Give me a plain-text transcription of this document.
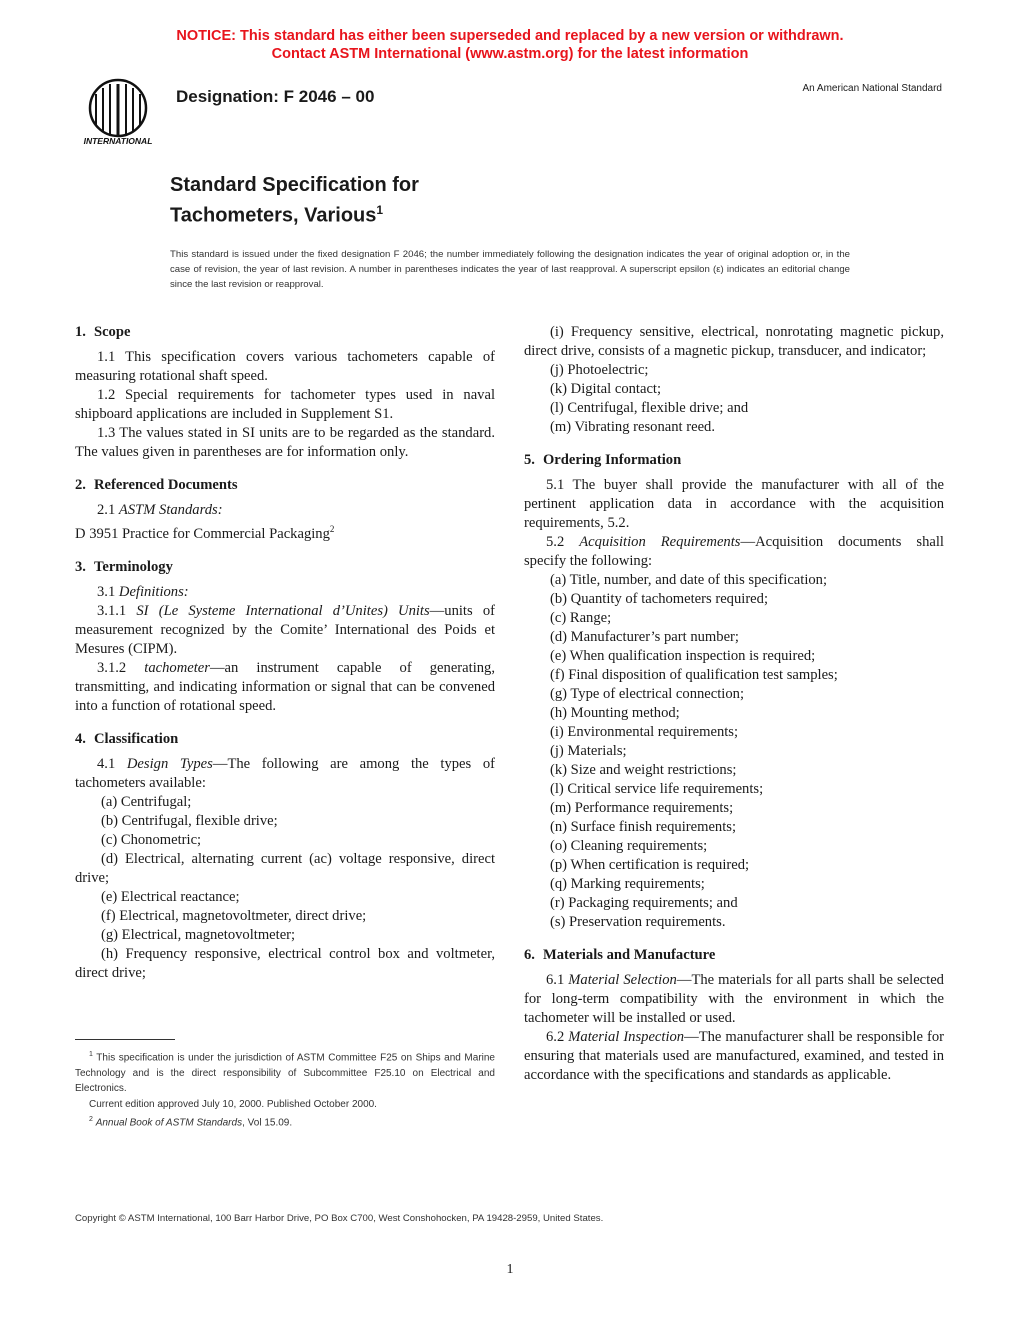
NOTICE: This standard has either been superseded and replaced by a new version or withdrawn.
Contact ASTM International (www.astm.org) for the latest information
INTERNATIONAL
Designation: F 2046 – 00	An American National Standard
Standard Specification for
Tachometers, Various$^1$
This standard is issued under the fixed designation F 2046; the number immediately following the designation indicates the year of original adoption or, in the case of revision, the year of last revision. A number in parentheses indicates the year of last reapproval. A superscript epsilon (ε) indicates an editorial change since the last revision or reapproval.
1. Scope

1.1 This specification covers various tachometers capable of measuring rotational shaft speed.

1.2 Special requirements for tachometer types used in naval shipboard applications are included in Supplement S1.

1.3 The values stated in SI units are to be regarded as the standard. The values given in parentheses are for information only.

2. Referenced Documents

2.1 ASTM Standards:

D 3951 Practice for Commercial Packaging$^2$

3. Terminology

3.1 Definitions:

3.1.1 SI (Le Systeme International d’Unites) Units—units of measurement recognized by the Comite’ International des Poids et Mesures (CIPM).

3.1.2 tachometer—an instrument capable of generating, transmitting, and indicating information or signal that can be convened into a function of rotational speed.

4. Classification

4.1 Design Types—The following are among the types of tachometers available:

(a) Centrifugal;
(b) Centrifugal, flexible drive;
(c) Chonometric;
(d) Electrical, alternating current (ac) voltage responsive, direct drive;
(e) Electrical reactance;
(f) Electrical, magnetovoltmeter, direct drive;
(g) Electrical, magnetovoltmeter;
(h) Frequency responsive, electrical control box and voltmeter, direct drive;
$^1$ This specification is under the jurisdiction of ASTM Committee F25 on Ships and Marine Technology and is the direct responsibility of Subcommittee F25.10 on Electrical and Electronics.
Current edition approved July 10, 2000. Published October 2000.
$^2$ Annual Book of ASTM Standards, Vol 15.09.
(i) Frequency sensitive, electrical, nonrotating magnetic pickup, direct drive, consists of a magnetic pickup, transducer, and indicator;
(j) Photoelectric;
(k) Digital contact;
(l) Centrifugal, flexible drive; and
(m) Vibrating resonant reed.
5. Ordering Information

5.1 The buyer shall provide the manufacturer with all of the pertinent application data in accordance with the acquisition requirements, 5.2.

5.2 Acquisition Requirements—Acquisition documents shall specify the following:

(a) Title, number, and date of this specification;
(b) Quantity of tachometers required;
(c) Range;
(d) Manufacturer’s part number;
(e) When qualification inspection is required;
(f) Final disposition of qualification test samples;
(g) Type of electrical connection;
(h) Mounting method;
(i) Environmental requirements;
(j) Materials;
(k) Size and weight restrictions;
(l) Critical service life requirements;
(m) Performance requirements;
(n) Surface finish requirements;
(o) Cleaning requirements;
(p) When certification is required;
(q) Marking requirements;
(r) Packaging requirements; and
(s) Preservation requirements.
6. Materials and Manufacture

6.1 Material Selection—The materials for all parts shall be selected for long-term compatibility with the environment in which the tachometer will be installed or used.

6.2 Material Inspection—The manufacturer shall be responsible for ensuring that materials used are manufactured, examined, and tested in accordance with the specifications and standards as applicable.

Copyright © ASTM International, 100 Barr Harbor Drive, PO Box C700, West Conshohocken, PA 19428-2959, United States.
1
